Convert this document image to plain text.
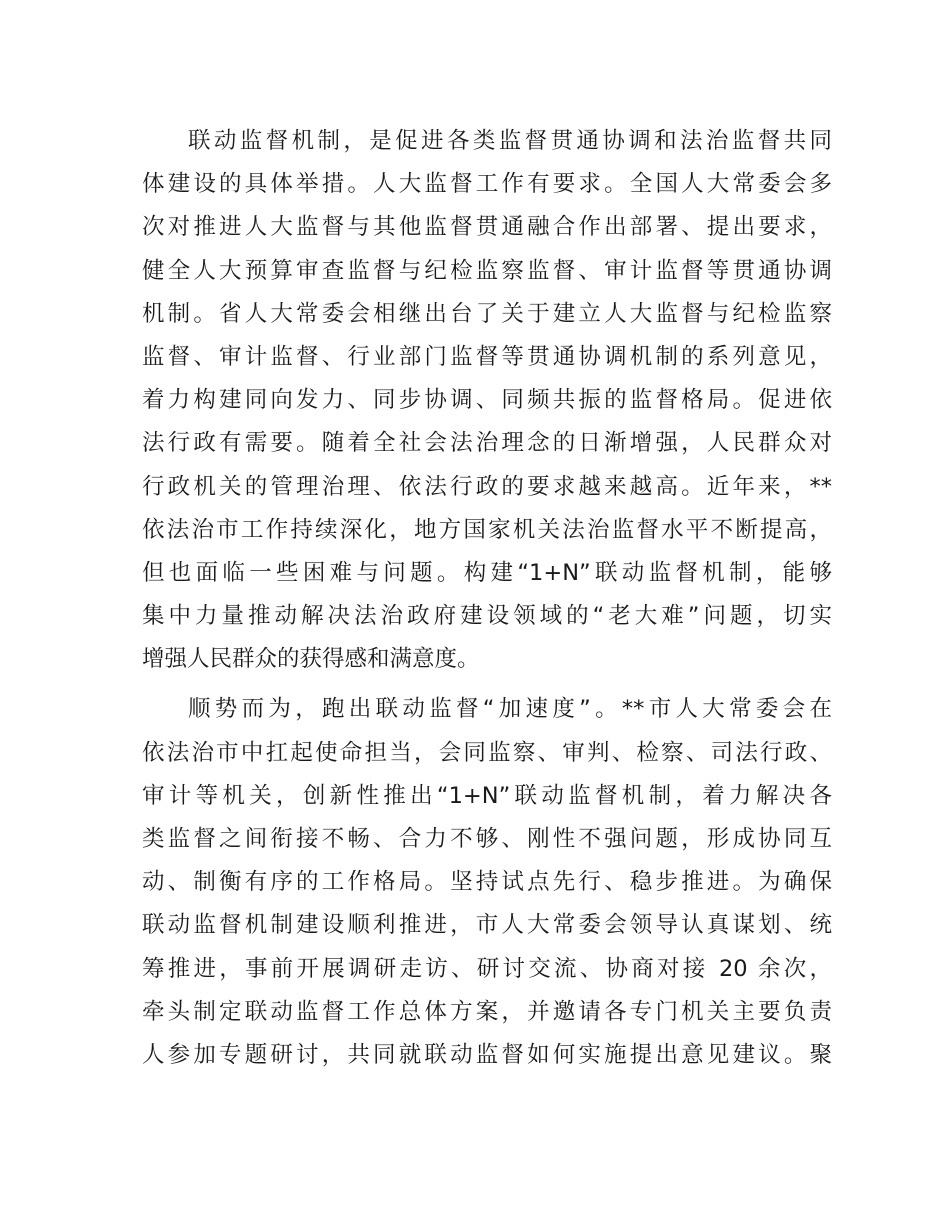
联动监督机制，是促进各类监督贯通协调和法治监督共同
体建设的具体举措。人大监督工作有要求。全国人大常委会多
次对推进人大监督与其他监督贯通融合作出部署、提出要求，
健全人大预算审查监督与纪检监察监督、审计监督等贯通协调
机制。省人大常委会相继出台了关于建立人大监督与纪检监察
监督、审计监督、行业部门监督等贯通协调机制的系列意见，
着力构建同向发力、同步协调、同频共振的监督格局。促进依
法行政有需要。随着全社会法治理念的日渐增强，人民群众对
行政机关的管理治理、依法行政的要求越来越高。近年来，**
依法治市工作持续深化，地方国家机关法治监督水平不断提高，
但也面临一些困难与问题。构建“1+N”联动监督机制，能够
集中力量推动解决法治政府建设领域的“老大难”问题，切实
增强人民群众的获得感和满意度。
顺势而为，跑出联动监督“加速度”。**市人大常委会在
依法治市中扛起使命担当，会同监察、审判、检察、司法行政、
审计等机关，创新性推出“1+N”联动监督机制，着力解决各
类监督之间衔接不畅、合力不够、刚性不强问题，形成协同互
动、制衡有序的工作格局。坚持试点先行、稳步推进。为确保
联动监督机制建设顺利推进，市人大常委会领导认真谋划、统
筹推进，事前开展调研走访、研讨交流、协商对接 20 余次，
牵头制定联动监督工作总体方案，并邀请各专门机关主要负责
人参加专题研讨，共同就联动监督如何实施提出意见建议。聚
